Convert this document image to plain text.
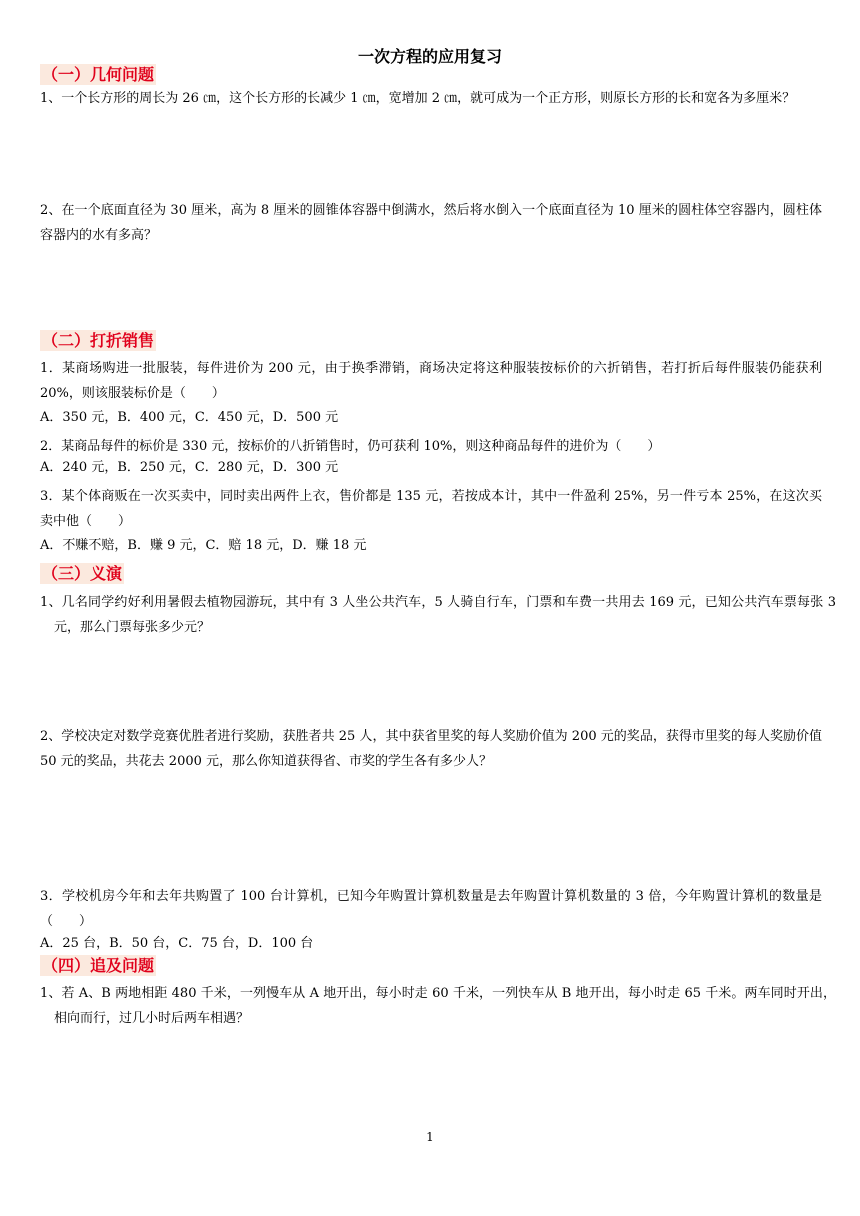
一次方程的应用复习
（一）几何问题
1、一个长方形的周长为 26 ㎝，这个长方形的长减少 1 ㎝，宽增加 2 ㎝，就可成为一个正方形，则原长方形的长和宽各为多厘米？
2、在一个底面直径为 30 厘米，高为 8 厘米的圆锥体容器中倒满水，然后将水倒入一个底面直径为 10 厘米的圆柱体空容器内，圆柱体容器内的水有多高？
（二）打折销售
1．某商场购进一批服装，每件进价为 200 元，由于换季滞销，商场决定将这种服装按标价的六折销售，若打折后每件服装仍能获利 20%，则该服装标价是（　　）
A．350 元，B．400 元，C．450 元，D．500 元
2．某商品每件的标价是 330 元，按标价的八折销售时，仍可获利 10%，则这种商品每件的进价为（　　）
A．240 元，B．250 元，C．280 元，D．300 元
3．某个体商贩在一次买卖中，同时卖出两件上衣，售价都是 135 元，若按成本计，其中一件盈利 25%，另一件亏本 25%，在这次买卖中他（　　）
A．不赚不赔，B．赚 9 元，C．赔 18 元，D．赚 18 元
（三）义演
1、几名同学约好利用暑假去植物园游玩，其中有 3 人坐公共汽车，5 人骑自行车，门票和车费一共用去 169 元，已知公共汽车票每张 3 元，那么门票每张多少元？
2、学校决定对数学竞赛优胜者进行奖励，获胜者共 25 人，其中获省里奖的每人奖励价值为 200 元的奖品，获得市里奖的每人奖励价值 50 元的奖品，共花去 2000 元，那么你知道获得省、市奖的学生各有多少人？
3．学校机房今年和去年共购置了 100 台计算机，已知今年购置计算机数量是去年购置计算机数量的 3 倍，今年购置计算机的数量是（　　）
A．25 台，B．50 台，C．75 台，D．100 台
（四）追及问题
1、若 A、B 两地相距 480 千米，一列慢车从 A 地开出，每小时走 60 千米，一列快车从 B 地开出，每小时走 65 千米。两车同时开出，相向而行，过几小时后两车相遇？
1
